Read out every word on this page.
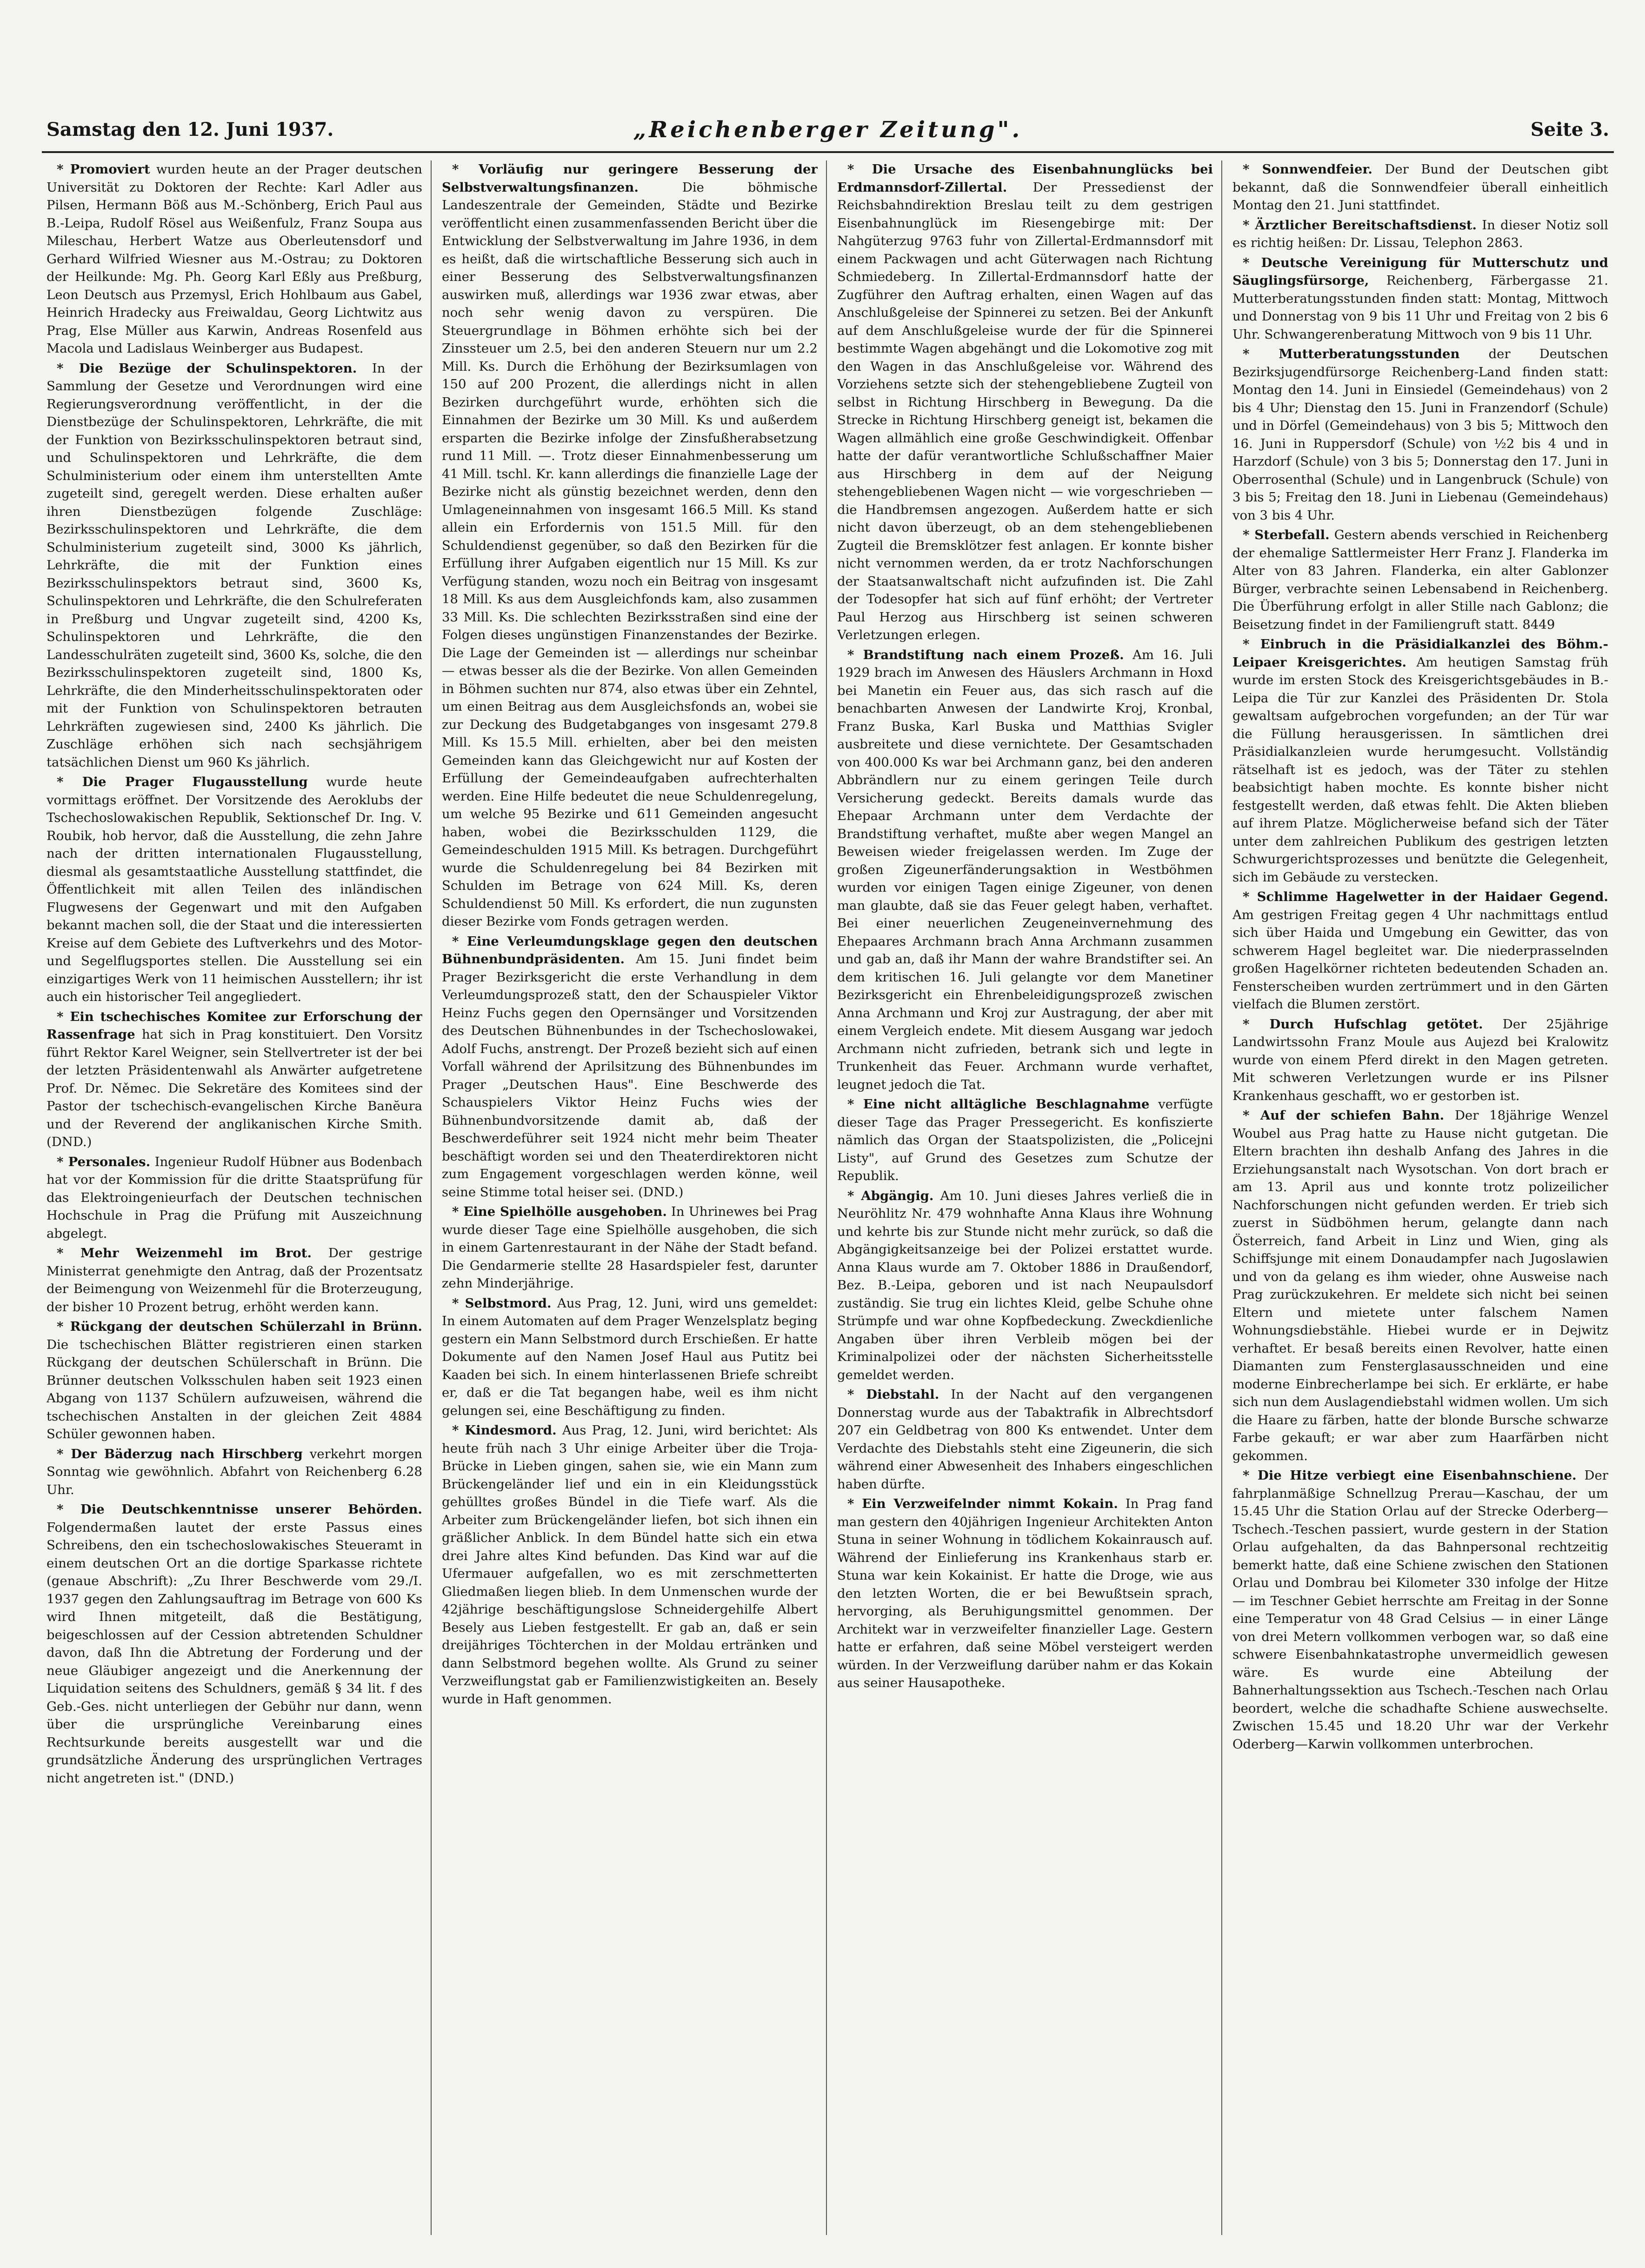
Samstag den 12. Juni 1937.	„Reichenberger Zeitung".	Seite 3.

* Promoviert wurden heute an der Prager deutschen Universität zu Doktoren der Rechte: Karl Adler aus Pilsen, Hermann Böß aus M.-Schönberg, Erich Paul aus B.-Leipa, Rudolf Rösel aus Weißenfulz, Franz Soupa aus Mileschau, Herbert Watze aus Oberleutensdorf und Gerhard Wilfried Wiesner aus M.-Ostrau; zu Doktoren der Heilkunde: Mg. Ph. Georg Karl Eßly aus Preßburg, Leon Deutsch aus Przemysl, Erich Hohlbaum aus Gabel, Heinrich Hradecky aus Freiwaldau, Georg Lichtwitz aus Prag, Else Müller aus Karwin, Andreas Rosenfeld aus Macola und Ladislaus Weinberger aus Budapest.

* Die Bezüge der Schulinspektoren. In der Sammlung der Gesetze und Verordnungen wird eine Regierungsverordnung veröffentlicht, in der die Dienstbezüge der Schulinspektoren, Lehrkräfte, die mit der Funktion von Bezirksschulinspektoren betraut sind, und Schulinspektoren und Lehrkräfte, die dem Schulministerium oder einem ihm unterstellten Amte zugeteilt sind, geregelt werden. Diese erhalten außer ihren Dienstbezügen folgende Zuschläge: Bezirksschulinspektoren und Lehrkräfte, die dem Schulministerium zugeteilt sind, 3000 Ks jährlich, Lehrkräfte, die mit der Funktion eines Bezirksschulinspektors betraut sind, 3600 Ks, Schulinspektoren und Lehrkräfte, die den Schulreferaten in Preßburg und Ungvar zugeteilt sind, 4200 Ks, Schulinspektoren und Lehrkräfte, die den Landesschulräten zugeteilt sind, 3600 Ks, solche, die den Bezirksschulinspektoren zugeteilt sind, 1800 Ks, Lehrkräfte, die den Minderheitsschulinspektoraten oder mit der Funktion von Schulinspektoren betrauten Lehrkräften zugewiesen sind, 2400 Ks jährlich. Die Zuschläge erhöhen sich nach sechsjährigem tatsächlichen Dienst um 960 Ks jährlich.

* Die Prager Flugausstellung wurde heute vormittags eröffnet. Der Vorsitzende des Aeroklubs der Tschechoslowakischen Republik, Sektionschef Dr. Ing. V. Roubik, hob hervor, daß die Ausstellung, die zehn Jahre nach der dritten internationalen Flugausstellung, diesmal als gesamtstaatliche Ausstellung stattfindet, die Öffentlichkeit mit allen Teilen des inländischen Flugwesens der Gegenwart und mit den Aufgaben bekannt machen soll, die der Staat und die interessierten Kreise auf dem Gebiete des Luftverkehrs und des Motor- und Segelflugsportes stellen. Die Ausstellung sei ein einzigartiges Werk von 11 heimischen Ausstellern; ihr ist auch ein historischer Teil angegliedert.

* Ein tschechisches Komitee zur Erforschung der Rassenfrage hat sich in Prag konstituiert. Den Vorsitz führt Rektor Karel Weigner, sein Stellvertreter ist der bei der letzten Präsidentenwahl als Anwärter aufgetretene Prof. Dr. Němec. Die Sekretäre des Komitees sind der Pastor der tschechisch-evangelischen Kirche Banĕura und der Reverend der anglikanischen Kirche Smith. (DND.)

* Personales. Ingenieur Rudolf Hübner aus Bodenbach hat vor der Kommission für die dritte Staatsprüfung für das Elektroingenieurfach der Deutschen technischen Hochschule in Prag die Prüfung mit Auszeichnung abgelegt.

* Mehr Weizenmehl im Brot. Der gestrige Ministerrat genehmigte den Antrag, daß der Prozentsatz der Beimengung von Weizenmehl für die Broterzeugung, der bisher 10 Prozent betrug, erhöht werden kann.

* Rückgang der deutschen Schülerzahl in Brünn. Die tschechischen Blätter registrieren einen starken Rückgang der deutschen Schülerschaft in Brünn. Die Brünner deutschen Volksschulen haben seit 1923 einen Abgang von 1137 Schülern aufzuweisen, während die tschechischen Anstalten in der gleichen Zeit 4884 Schüler gewonnen haben.

* Der Bäderzug nach Hirschberg verkehrt morgen Sonntag wie gewöhnlich. Abfahrt von Reichenberg 6.28 Uhr.

* Die Deutschkenntnisse unserer Behörden. Folgendermaßen lautet der erste Passus eines Schreibens, den ein tschechoslowakisches Steueramt in einem deutschen Ort an die dortige Sparkasse richtete (genaue Abschrift): „Zu Ihrer Beschwerde vom 29./I. 1937 gegen den Zahlungsauftrag im Betrage von 600 Ks wird Ihnen mitgeteilt, daß die Bestätigung, beigeschlossen auf der Cession abtretenden Schuldner davon, daß Ihn die Abtretung der Forderung und der neue Gläubiger angezeigt und die Anerkennung der Liquidation seitens des Schuldners, gemäß § 34 lit. f des Geb.-Ges. nicht unterliegen der Gebühr nur dann, wenn über die ursprüngliche Vereinbarung eines Rechtsurkunde bereits ausgestellt war und die grundsätzliche Änderung des ursprünglichen Vertrages nicht angetreten ist." (DND.)

* Vorläufig nur geringere Besserung der Selbstverwaltungsfinanzen. Die böhmische Landeszentrale der Gemeinden, Städte und Bezirke veröffentlicht einen zusammenfassenden Bericht über die Entwicklung der Selbstverwaltung im Jahre 1936, in dem es heißt, daß die wirtschaftliche Besserung sich auch in einer Besserung des Selbstverwaltungsfinanzen auswirken muß, allerdings war 1936 zwar etwas, aber noch sehr wenig davon zu verspüren. Die Steuergrundlage in Böhmen erhöhte sich bei der Zinssteuer um 2.5, bei den anderen Steuern nur um 2.2 Mill. Ks. Durch die Erhöhung der Bezirksumlagen von 150 auf 200 Prozent, die allerdings nicht in allen Bezirken durchgeführt wurde, erhöhten sich die Einnahmen der Bezirke um 30 Mill. Ks und außerdem ersparten die Bezirke infolge der Zinsfußherabsetzung rund 11 Mill. —. Trotz dieser Einnahmenbesserung um 41 Mill. tschl. Kr. kann allerdings die finanzielle Lage der Bezirke nicht als günstig bezeichnet werden, denn den Umlageneinnahmen von insgesamt 166.5 Mill. Ks stand allein ein Erfordernis von 151.5 Mill. für den Schuldendienst gegenüber, so daß den Bezirken für die Erfüllung ihrer Aufgaben eigentlich nur 15 Mill. Ks zur Verfügung standen, wozu noch ein Beitrag von insgesamt 18 Mill. Ks aus dem Ausgleichfonds kam, also zusammen 33 Mill. Ks. Die schlechten Bezirksstraßen sind eine der Folgen dieses ungünstigen Finanzenstandes der Bezirke. Die Lage der Gemeinden ist — allerdings nur scheinbar — etwas besser als die der Bezirke. Von allen Gemeinden in Böhmen suchten nur 874, also etwas über ein Zehntel, um einen Beitrag aus dem Ausgleichsfonds an, wobei sie zur Deckung des Budgetabganges von insgesamt 279.8 Mill. Ks 15.5 Mill. erhielten, aber bei den meisten Gemeinden kann das Gleichgewicht nur auf Kosten der Erfüllung der Gemeindeaufgaben aufrechterhalten werden. Eine Hilfe bedeutet die neue Schuldenregelung, um welche 95 Bezirke und 611 Gemeinden angesucht haben, wobei die Bezirksschulden 1129, die Gemeindeschulden 1915 Mill. Ks betragen. Durchgeführt wurde die Schuldenregelung bei 84 Bezirken mit Schulden im Betrage von 624 Mill. Ks, deren Schuldendienst 50 Mill. Ks erfordert, die nun zugunsten dieser Bezirke vom Fonds getragen werden.

* Eine Verleumdungsklage gegen den deutschen Bühnenbundpräsidenten. Am 15. Juni findet beim Prager Bezirksgericht die erste Verhandlung in dem Verleumdungsprozeß statt, den der Schauspieler Viktor Heinz Fuchs gegen den Opernsänger und Vorsitzenden des Deutschen Bühnenbundes in der Tschechoslowakei, Adolf Fuchs, anstrengt. Der Prozeß bezieht sich auf einen Vorfall während der Aprilsitzung des Bühnenbundes im Prager „Deutschen Haus". Eine Beschwerde des Schauspielers Viktor Heinz Fuchs wies der Bühnenbundvorsitzende damit ab, daß der Beschwerdeführer seit 1924 nicht mehr beim Theater beschäftigt worden sei und den Theaterdirektoren nicht zum Engagement vorgeschlagen werden könne, weil seine Stimme total heiser sei. (DND.)

* Eine Spielhölle ausgehoben. In Uhrinewes bei Prag wurde dieser Tage eine Spielhölle ausgehoben, die sich in einem Gartenrestaurant in der Nähe der Stadt befand. Die Gendarmerie stellte 28 Hasardspieler fest, darunter zehn Minderjährige.

* Selbstmord. Aus Prag, 12. Juni, wird uns gemeldet: In einem Automaten auf dem Prager Wenzelsplatz beging gestern ein Mann Selbstmord durch Erschießen. Er hatte Dokumente auf den Namen Josef Haul aus Putitz bei Kaaden bei sich. In einem hinterlassenen Briefe schreibt er, daß er die Tat begangen habe, weil es ihm nicht gelungen sei, eine Beschäftigung zu finden.

* Kindesmord. Aus Prag, 12. Juni, wird berichtet: Als heute früh nach 3 Uhr einige Arbeiter über die Troja-Brücke in Lieben gingen, sahen sie, wie ein Mann zum Brückengeländer lief und ein in ein Kleidungsstück gehülltes großes Bündel in die Tiefe warf. Als die Arbeiter zum Brückengeländer liefen, bot sich ihnen ein gräßlicher Anblick. In dem Bündel hatte sich ein etwa drei Jahre altes Kind befunden. Das Kind war auf die Ufermauer aufgefallen, wo es mit zerschmetterten Gliedmaßen liegen blieb. In dem Unmenschen wurde der 42jährige beschäftigungslose Schneidergehilfe Albert Besely aus Lieben festgestellt. Er gab an, daß er sein dreijähriges Töchterchen in der Moldau ertränken und dann Selbstmord begehen wollte. Als Grund zu seiner Verzweiflungstat gab er Familienzwistigkeiten an. Besely wurde in Haft genommen.

* Die Ursache des Eisenbahnunglücks bei Erdmannsdorf-Zillertal. Der Pressedienst der Reichsbahndirektion Breslau teilt zu dem gestrigen Eisenbahnunglück im Riesengebirge mit: Der Nahgüterzug 9763 fuhr von Zillertal-Erdmannsdorf mit einem Packwagen und acht Güterwagen nach Richtung Schmiedeberg. In Zillertal-Erdmannsdorf hatte der Zugführer den Auftrag erhalten, einen Wagen auf das Anschlußgeleise der Spinnerei zu setzen. Bei der Ankunft auf dem Anschlußgeleise wurde der für die Spinnerei bestimmte Wagen abgehängt und die Lokomotive zog mit den Wagen in das Anschlußgeleise vor. Während des Vorziehens setzte sich der stehengebliebene Zugteil von selbst in Richtung Hirschberg in Bewegung. Da die Strecke in Richtung Hirschberg geneigt ist, bekamen die Wagen allmählich eine große Geschwindigkeit. Offenbar hatte der dafür verantwortliche Schlußschaffner Maier aus Hirschberg in dem auf der Neigung stehengebliebenen Wagen nicht — wie vorgeschrieben — die Handbremsen angezogen. Außerdem hatte er sich nicht davon überzeugt, ob an dem stehengebliebenen Zugteil die Bremsklötzer fest anlagen. Er konnte bisher nicht vernommen werden, da er trotz Nachforschungen der Staatsanwaltschaft nicht aufzufinden ist. Die Zahl der Todesopfer hat sich auf fünf erhöht; der Vertreter Paul Herzog aus Hirschberg ist seinen schweren Verletzungen erlegen.

* Brandstiftung nach einem Prozeß. Am 16. Juli 1929 brach im Anwesen des Häuslers Archmann in Hoxd bei Manetin ein Feuer aus, das sich rasch auf die benachbarten Anwesen der Landwirte Kroj, Kronbal, Franz Buska, Karl Buska und Matthias Svigler ausbreitete und diese vernichtete. Der Gesamtschaden von 400.000 Ks war bei Archmann ganz, bei den anderen Abbrändlern nur zu einem geringen Teile durch Versicherung gedeckt. Bereits damals wurde das Ehepaar Archmann unter dem Verdachte der Brandstiftung verhaftet, mußte aber wegen Mangel an Beweisen wieder freigelassen werden. Im Zuge der großen Zigeunerfänderungsaktion in Westböhmen wurden vor einigen Tagen einige Zigeuner, von denen man glaubte, daß sie das Feuer gelegt haben, verhaftet. Bei einer neuerlichen Zeugeneinvernehmung des Ehepaares Archmann brach Anna Archmann zusammen und gab an, daß ihr Mann der wahre Brandstifter sei. An dem kritischen 16. Juli gelangte vor dem Manetiner Bezirksgericht ein Ehrenbeleidigungsprozeß zwischen Anna Archmann und Kroj zur Austragung, der aber mit einem Vergleich endete. Mit diesem Ausgang war jedoch Archmann nicht zufrieden, betrank sich und legte in Trunkenheit das Feuer. Archmann wurde verhaftet, leugnet jedoch die Tat.

* Eine nicht alltägliche Beschlagnahme verfügte dieser Tage das Prager Pressegericht. Es konfiszierte nämlich das Organ der Staatspolizisten, die „Policejni Listy", auf Grund des Gesetzes zum Schutze der Republik.

* Abgängig. Am 10. Juni dieses Jahres verließ die in Neuröhlitz Nr. 479 wohnhafte Anna Klaus ihre Wohnung und kehrte bis zur Stunde nicht mehr zurück, so daß die Abgängigkeitsanzeige bei der Polizei erstattet wurde. Anna Klaus wurde am 7. Oktober 1886 in Draußendorf, Bez. B.-Leipa, geboren und ist nach Neupaulsdorf zuständig. Sie trug ein lichtes Kleid, gelbe Schuhe ohne Strümpfe und war ohne Kopfbedeckung. Zweckdienliche Angaben über ihren Verbleib mögen bei der Kriminalpolizei oder der nächsten Sicherheitsstelle gemeldet werden.

* Diebstahl. In der Nacht auf den vergangenen Donnerstag wurde aus der Tabaktrafik in Albrechtsdorf 207 ein Geldbetrag von 800 Ks entwendet. Unter dem Verdachte des Diebstahls steht eine Zigeunerin, die sich während einer Abwesenheit des Inhabers eingeschlichen haben dürfte.

* Ein Verzweifelnder nimmt Kokain. In Prag fand man gestern den 40jährigen Ingenieur Architekten Anton Stuna in seiner Wohnung in tödlichem Kokainrausch auf. Während der Einlieferung ins Krankenhaus starb er. Stuna war kein Kokainist. Er hatte die Droge, wie aus den letzten Worten, die er bei Bewußtsein sprach, hervorging, als Beruhigungsmittel genommen. Der Architekt war in verzweifelter finanzieller Lage. Gestern hatte er erfahren, daß seine Möbel versteigert werden würden. In der Verzweiflung darüber nahm er das Kokain aus seiner Hausapotheke.

* Sonnwendfeier. Der Bund der Deutschen gibt bekannt, daß die Sonnwendfeier überall einheitlich Montag den 21. Juni stattfindet.

* Ärztlicher Bereitschaftsdienst. In dieser Notiz soll es richtig heißen: Dr. Lissau, Telephon 2863.

* Deutsche Vereinigung für Mutterschutz und Säuglingsfürsorge, Reichenberg, Färbergasse 21. Mutterberatungsstunden finden statt: Montag, Mittwoch und Donnerstag von 9 bis 11 Uhr und Freitag von 2 bis 6 Uhr. Schwangerenberatung Mittwoch von 9 bis 11 Uhr.

* Mutterberatungsstunden der Deutschen Bezirksjugendfürsorge Reichenberg-Land finden statt: Montag den 14. Juni in Einsiedel (Gemeindehaus) von 2 bis 4 Uhr; Dienstag den 15. Juni in Franzendorf (Schule) und in Dörfel (Gemeindehaus) von 3 bis 5; Mittwoch den 16. Juni in Ruppersdorf (Schule) von ½2 bis 4 und in Harzdorf (Schule) von 3 bis 5; Donnerstag den 17. Juni in Oberrosenthal (Schule) und in Langenbruck (Schule) von 3 bis 5; Freitag den 18. Juni in Liebenau (Gemeindehaus) von 3 bis 4 Uhr.

* Sterbefall. Gestern abends verschied in Reichenberg der ehemalige Sattlermeister Herr Franz J. Flanderka im Alter von 83 Jahren. Flanderka, ein alter Gablonzer Bürger, verbrachte seinen Lebensabend in Reichenberg. Die Überführung erfolgt in aller Stille nach Gablonz; die Beisetzung findet in der Familiengruft statt. 8449

* Einbruch in die Präsidialkanzlei des Böhm.-Leipaer Kreisgerichtes. Am heutigen Samstag früh wurde im ersten Stock des Kreisgerichtsgebäudes in B.-Leipa die Tür zur Kanzlei des Präsidenten Dr. Stola gewaltsam aufgebrochen vorgefunden; an der Tür war die Füllung herausgerissen. In sämtlichen drei Präsidialkanzleien wurde herumgesucht. Vollständig rätselhaft ist es jedoch, was der Täter zu stehlen beabsichtigt haben mochte. Es konnte bisher nicht festgestellt werden, daß etwas fehlt. Die Akten blieben auf ihrem Platze. Möglicherweise befand sich der Täter unter dem zahlreichen Publikum des gestrigen letzten Schwurgerichtsprozesses und benützte die Gelegenheit, sich im Gebäude zu verstecken.

* Schlimme Hagelwetter in der Haidaer Gegend. Am gestrigen Freitag gegen 4 Uhr nachmittags entlud sich über Haida und Umgebung ein Gewitter, das von schwerem Hagel begleitet war. Die niederprasselnden großen Hagelkörner richteten bedeutenden Schaden an. Fensterscheiben wurden zertrümmert und in den Gärten vielfach die Blumen zerstört.

* Durch Hufschlag getötet. Der 25jährige Landwirtssohn Franz Moule aus Aujezd bei Kralowitz wurde von einem Pferd direkt in den Magen getreten. Mit schweren Verletzungen wurde er ins Pilsner Krankenhaus geschafft, wo er gestorben ist.

* Auf der schiefen Bahn. Der 18jährige Wenzel Woubel aus Prag hatte zu Hause nicht gutgetan. Die Eltern brachten ihn deshalb Anfang des Jahres in die Erziehungsanstalt nach Wysotschan. Von dort brach er am 13. April aus und konnte trotz polizeilicher Nachforschungen nicht gefunden werden. Er trieb sich zuerst in Südböhmen herum, gelangte dann nach Österreich, fand Arbeit in Linz und Wien, ging als Schiffsjunge mit einem Donaudampfer nach Jugoslawien und von da gelang es ihm wieder, ohne Ausweise nach Prag zurückzukehren. Er meldete sich nicht bei seinen Eltern und mietete unter falschem Namen Wohnungsdiebstähle. Hiebei wurde er in Dejwitz verhaftet. Er besaß bereits einen Revolver, hatte einen Diamanten zum Fensterglasausschneiden und eine moderne Einbrecherlampe bei sich. Er erklärte, er habe sich nun dem Auslagendiebstahl widmen wollen. Um sich die Haare zu färben, hatte der blonde Bursche schwarze Farbe gekauft; er war aber zum Haarfärben nicht gekommen.

* Die Hitze verbiegt eine Eisenbahnschiene. Der fahrplanmäßige Schnellzug Prerau—Kaschau, der um 15.45 Uhr die Station Orlau auf der Strecke Oderberg—Tschech.-Teschen passiert, wurde gestern in der Station Orlau aufgehalten, da das Bahnpersonal rechtzeitig bemerkt hatte, daß eine Schiene zwischen den Stationen Orlau und Dombrau bei Kilometer 330 infolge der Hitze — im Teschner Gebiet herrschte am Freitag in der Sonne eine Temperatur von 48 Grad Celsius — in einer Länge von drei Metern vollkommen verbogen war, so daß eine schwere Eisenbahnkatastrophe unvermeidlich gewesen wäre. Es wurde eine Abteilung der Bahnerhaltungssektion aus Tschech.-Teschen nach Orlau beordert, welche die schadhafte Schiene auswechselte. Zwischen 15.45 und 18.20 Uhr war der Verkehr Oderberg—Karwin vollkommen unterbrochen.
